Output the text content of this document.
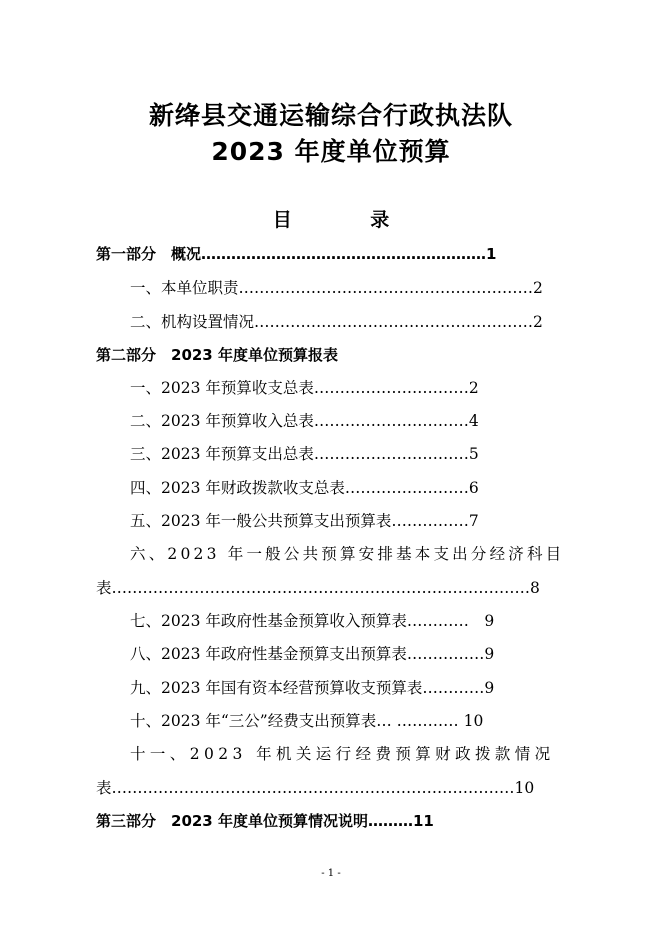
新绛县交通运输综合行政执法队
2023 年度单位预算
目 录
第一部分　概况…………………………………………………1
一、本单位职责…………………………………………………2
二、机构设置情况………………………………………………2
第二部分　2023 年度单位预算报表
一、2023 年预算收支总表…………………………2
二、2023 年预算收入总表…………………………4
三、2023 年预算支出总表…………………………5
四、2023 年财政拨款收支总表……………………6
五、2023 年一般公共预算支出预算表……………7
六、2023 年一般公共预算安排基本支出分经济科目
表………………………………………………………………………8
七、2023 年政府性基金预算收入预算表…………　9
八、2023 年政府性基金预算支出预算表……………9
九、2023 年国有资本经营预算收支预算表…………9
十、2023 年“三公”经费支出预算表… ………… 10
十一、2023 年机关运行经费预算财政拨款情况
表……………………………………………………………………10
第三部分　2023 年度单位预算情况说明………11
- 1 -
